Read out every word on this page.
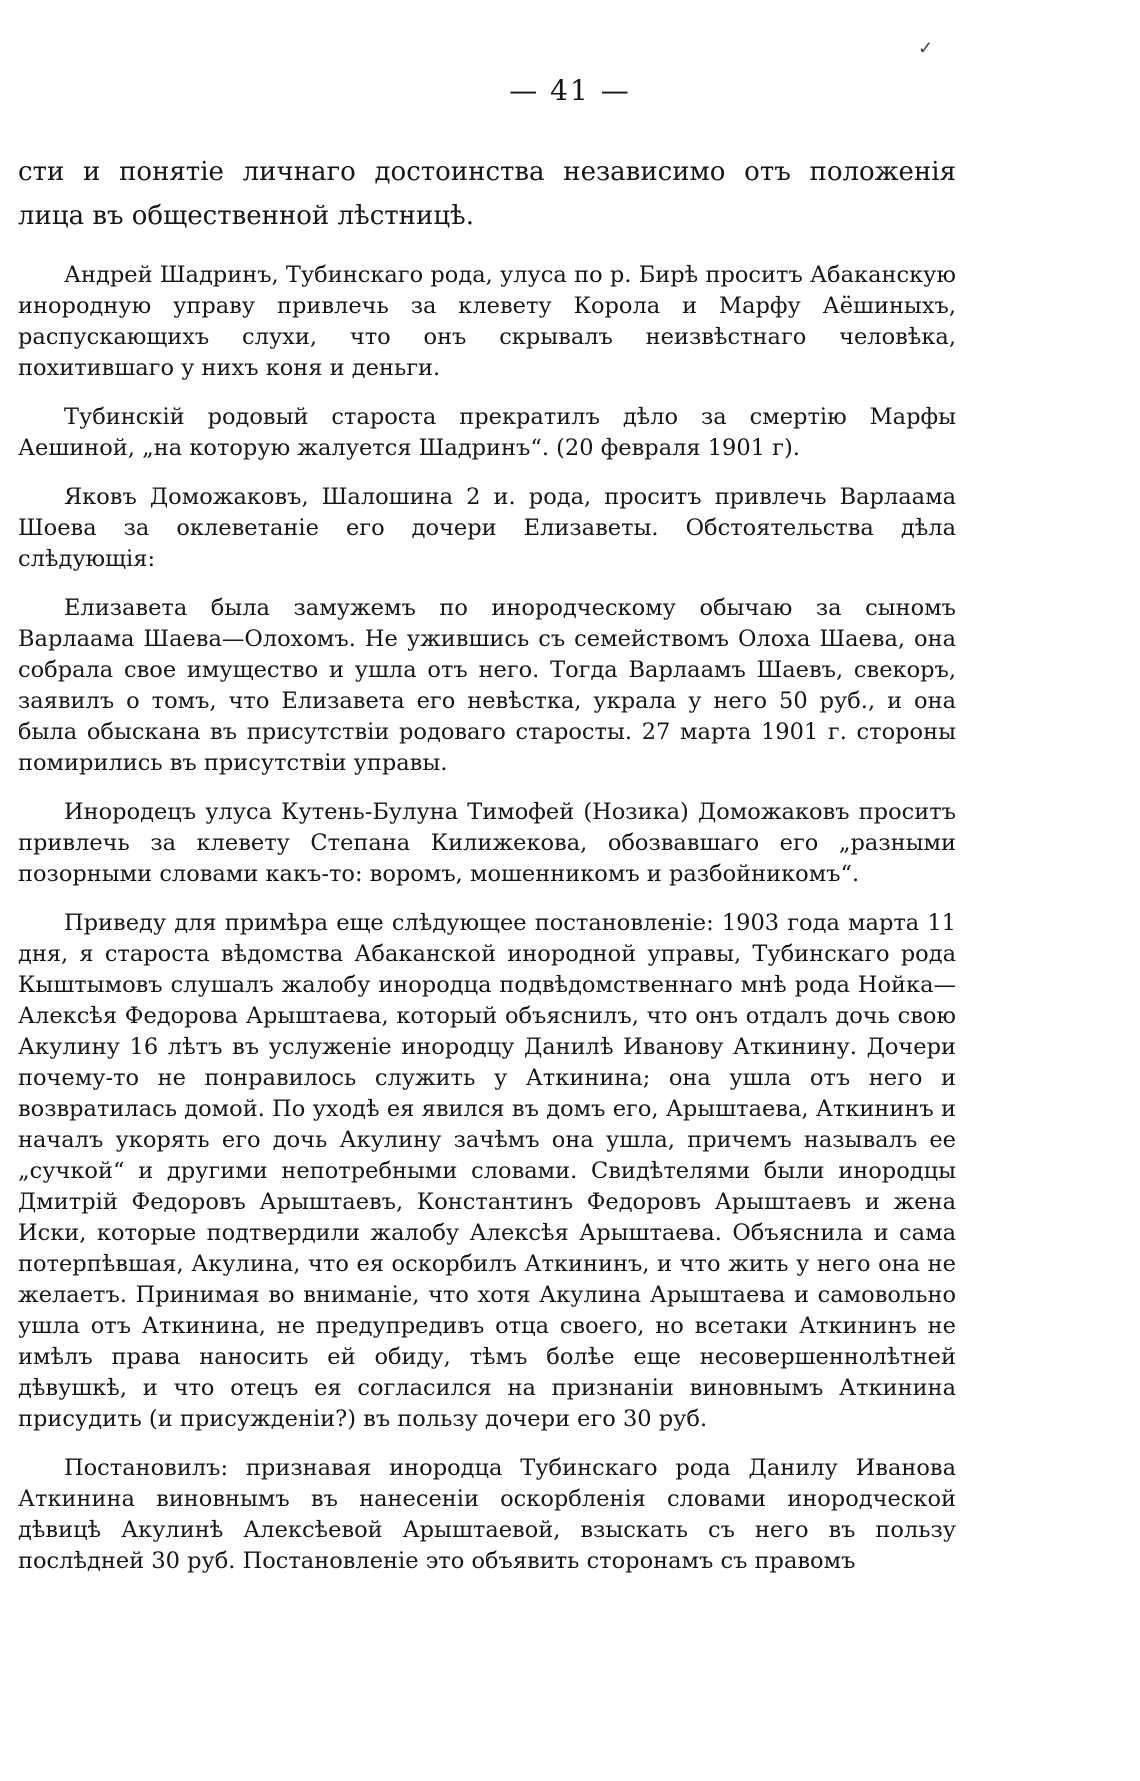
✓
— 41 —

сти и понятіе личнаго достоинства независимо отъ положенія лица въ общественной лѣстницѣ.

Андрей Шадринъ, Тубинскаго рода, улуса по р. Бирѣ проситъ Абаканскую инородную управу привлечь за клевету Королa и Марфу Аёшиныхъ, распускающихъ слухи, что онъ скрывалъ неизвѣстнаго человѣка, похитившаго у нихъ коня и деньги.

Тубинскій родовый староста прекратилъ дѣло за смертію Марфы Аешиной, „на которую жалуется Шадринъ“. (20 февраля 1901 г).

Яковъ Доможаковъ, Шалошина 2 и. рода, проситъ привлечь Варлаама Шоева за оклеветаніе его дочери Елизаветы. Обстоятельства дѣла слѣдующія:

Елизавета была замужемъ по инородческому обычаю за сыномъ Варлаама Шаева—Олохомъ. Не ужившись съ семействомъ Олоха Шаева, она собрала свое имущество и ушла отъ него. Тогда Варлаамъ Шаевъ, свекоръ, заявилъ о томъ, что Елизавета его невѣстка, украла у него 50 руб., и она была обыскана въ присутствіи родоваго старосты. 27 марта 1901 г. стороны помирились въ присутствіи управы.

Инородецъ улуса Кутень-Булуна Тимофей (Нозика) Доможаковъ проситъ привлечь за клевету Степана Килижекова, обозвавшаго его „разными позорными словами какъ-то: воромъ, мошенникомъ и разбойникомъ“.

Приведу для примѣра еще слѣдующее постановленіе: 1903 года марта 11 дня, я староста вѣдомства Абаканской инородной управы, Тубинскаго рода Кыштымовъ слушалъ жалобу инородца подвѣдомственнаго мнѣ рода Нойка—Алексѣя Федорова Арыштаева, который объяснилъ, что онъ отдалъ дочь свою Акулину 16 лѣтъ въ услуженіе инородцу Данилѣ Иванову Аткинину. Дочери почему-то не понравилось служить у Аткинина; она ушла отъ него и возвратилась домой. По уходѣ ея явился въ домъ его, Арыштаева, Аткининъ и началъ укорять его дочь Акулину зачѣмъ она ушла, причемъ называлъ ее „сучкой“ и другими непотребными словами. Свидѣтелями были инородцы Дмитрій Федоровъ Арыштаевъ, Константинъ Федоровъ Арыштаевъ и жена Иски, которые подтвердили жалобу Алексѣя Арыштаева. Объяснила и сама потерпѣвшая, Акулина, что ея оскорбилъ Аткининъ, и что жить у него она не желаетъ. Принимая во вниманіе, что хотя Акулина Арыштаева и самовольно ушла отъ Аткинина, не предупредивъ отца своего, но всетаки Аткининъ не имѣлъ права наносить ей обиду, тѣмъ болѣе еще несовершеннолѣтней дѣвушкѣ, и что отецъ ея согласился на признаніи виновнымъ Аткинина присудить (и присужденіи?) въ пользу дочери его 30 руб.

Постановилъ: признавая инородца Тубинскаго рода Данилу Иванова Аткинина виновнымъ въ нанесеніи оскорбленія словами инородческой дѣвицѣ Акулинѣ Алексѣевой Арыштаевой, взыскать съ него въ пользу послѣдней 30 руб. Постановленіе это объявить сторонамъ съ правомъ
